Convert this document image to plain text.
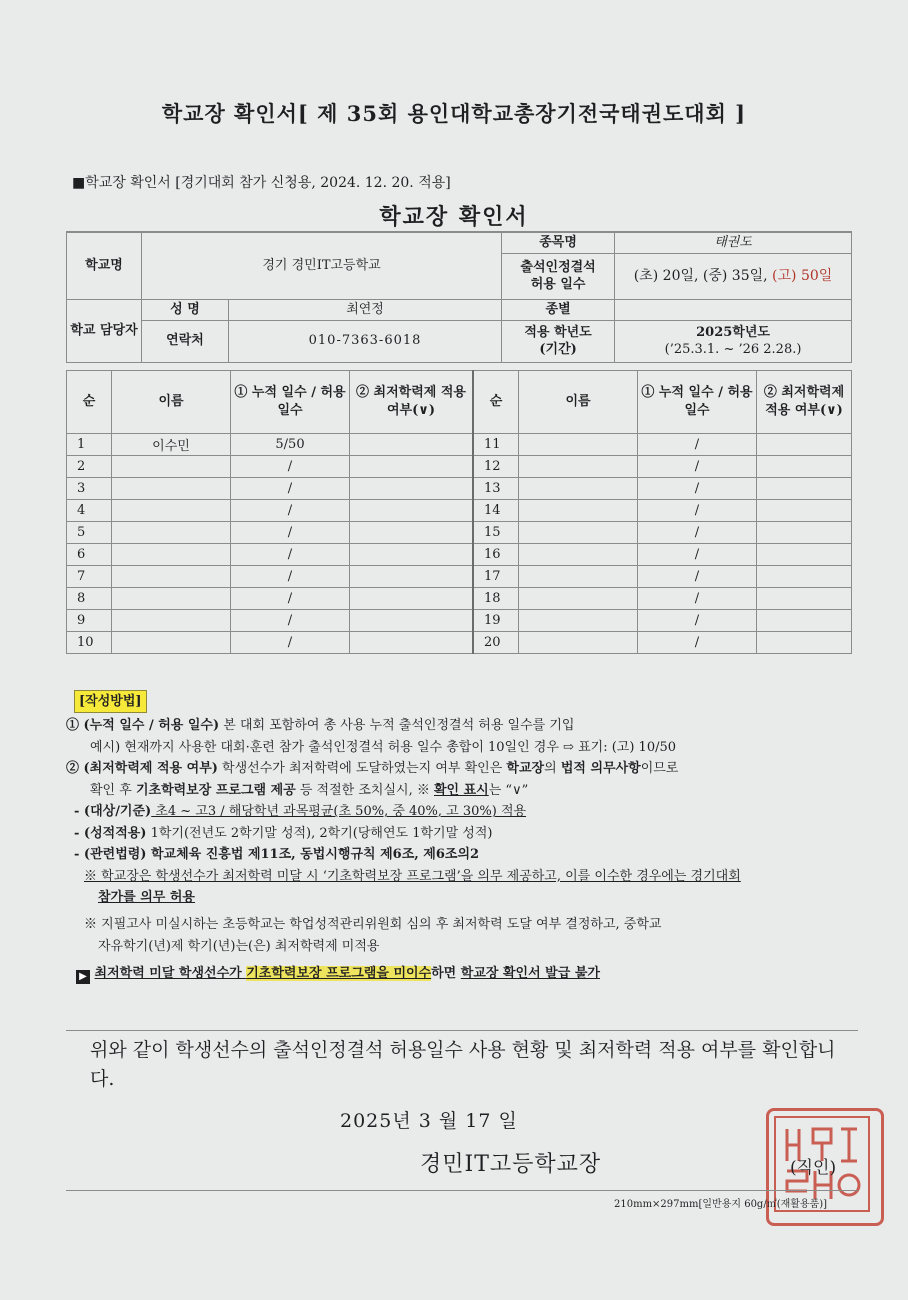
학교장 확인서[ 제 35회 용인대학교총장기전국태권도대회 ]
■학교장 확인서 [경기대회 참가 신청용, 2024. 12. 20. 적용]
학교장 확인서
학교명	경기 경민IT고등학교		종목명	태권도
			출석인정결석 허용 일수	(초) 20일, (중) 35일, (고) 50일

학교 담당자	성 명	최연정	종별	
	연락처	010-7363-6018	적용 학년도 (기간)	2025학년도
(’25.3.1. ~ ’26 2.28.)
순	이름	① 누적 일수 / 허용 일수	② 최저학력제 적용 여부(∨)	순	이름	① 누적 일수 / 허용 일수	② 최저학력제 적용 여부(∨)
1	이수민	5/50		11		/	
2		/		12		/	
3		/		13		/	
4		/		14		/	
5		/		15		/	
6		/		16		/	
7		/		17		/	
8		/		18		/	
9		/		19		/	
10		/		20		/	
[작성방법]
① (누적 일수 / 허용 일수) 본 대회 포함하여 총 사용 누적 출석인정결석 허용 일수를 기입
예시) 현재까지 사용한 대회·훈련 참가 출석인정결석 허용 일수 총합이 10일인 경우 ⇨ 표기: (고) 10/50
② (최저학력제 적용 여부) 학생선수가 최저학력에 도달하였는지 여부 확인은 학교장의 법적 의무사항이므로
확인 후 기초학력보장 프로그램 제공 등 적절한 조치실시, ※ 확인 표시는 “∨”
- (대상/기준) 초4 ~ 고3 / 해당학년 과목평균(초 50%, 중 40%, 고 30%) 적용
- (성적적용) 1학기(전년도 2학기말 성적), 2학기(당해연도 1학기말 성적)
- (관련법령) 학교체육 진흥법 제11조, 동법시행규칙 제6조, 제6조의2
※ 학교장은 학생선수가 최저학력 미달 시 ‘기초학력보장 프로그램’을 의무 제공하고, 이를 이수한 경우에는 경기대회
참가를 의무 허용
※ 지필고사 미실시하는 초등학교는 학업성적관리위원회 심의 후 최저학력 도달 여부 결정하고, 중학교
자유학기(년)제 학기(년)는(은) 최저학력제 미적용
▶ 최저학력 미달 학생선수가 기초학력보장 프로그램을 미이수하면 학교장 확인서 발급 불가
위와 같이 학생선수의 출석인정결석 허용일수 사용 현황 및 최저학력 적용 여부를 확인합니다.
2025년 3 월 17 일
경민IT고등학교장	(직인)
210mm×297mm[일반용지 60g/㎡(재활용품)]
